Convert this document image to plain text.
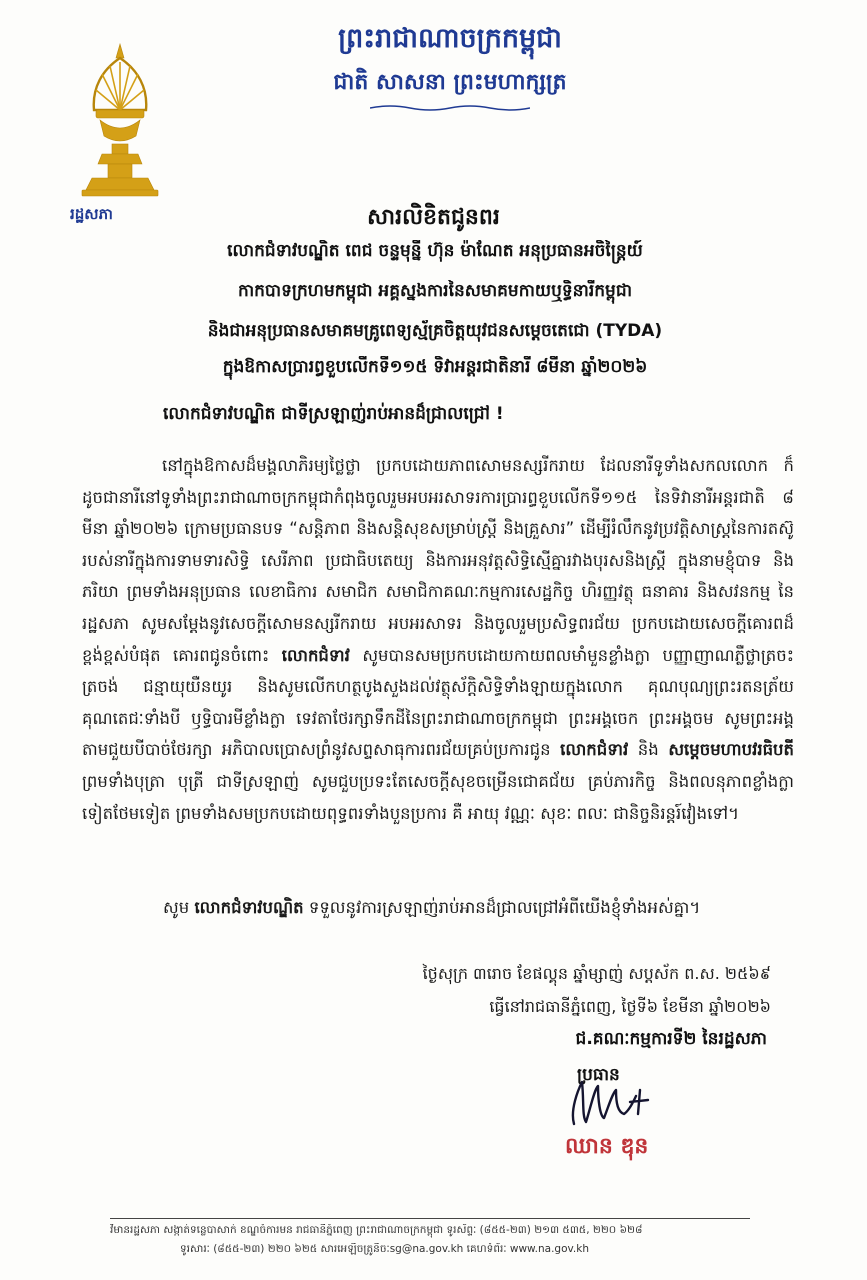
រដ្ឋសភា
ព្រះរាជាណាចក្រកម្ពុជា
ជាតិ សាសនា ព្រះមហាក្សត្រ
សារលិខិតជូនពរ
លោកជំទាវបណ្ឌិត ពេជ ចន្ទមុន្នី ហ៊ុន ម៉ាណែត អនុប្រធានអចិន្ត្រៃយ៍
កាកបាទក្រហមកម្ពុជា អគ្គស្នងការនៃសមាគមកាយឬទ្ធិនារីកម្ពុជា
និងជាអនុប្រធានសមាគមគ្រូពេទ្យស្ម័គ្រចិត្តយុវជនសម្តេចតេជោ (TYDA)
ក្នុងឱកាសប្រារព្ធខួបលើកទី១១៥ ទិវាអន្តរជាតិនារី ៨មីនា ឆ្នាំ២០២៦
លោកជំទាវបណ្ឌិត ជាទីស្រឡាញ់រាប់អានដ៏ជ្រាលជ្រៅ !
នៅក្នុងឱកាសដ៏មង្គលាភិរម្យថ្លៃថ្លា ប្រកបដោយភាពសោមនស្សរីករាយ ដែលនារីទូទាំងសកលលោក ក៏ដូចជានារីនៅទូទាំងព្រះរាជាណាចក្រកម្ពុជាកំពុងចូលរួមអបអរសាទរការប្រារព្ធខួបលើកទី១១៥ នៃទិវានារីអន្តរជាតិ ៨ មីនា ឆ្នាំ២០២៦ ក្រោមប្រធានបទ “សន្តិភាព និងសន្តិសុខសម្រាប់ស្ត្រី និងគ្រួសារ” ដើម្បីរំលឹកនូវប្រវត្តិសាស្ត្រនៃការតស៊ូរបស់នារីក្នុងការទាមទារសិទ្ធិ សេរីភាព ប្រជាធិបតេយ្យ និងការអនុវត្តសិទ្ធិស្មើគ្នារវាងបុរសនិងស្ត្រី ក្នុងនាមខ្ញុំបាទ និងភរិយា ព្រមទាំងអនុប្រធាន លេខាធិការ សមាជិក សមាជិកាគណៈកម្មការសេដ្ឋកិច្ច ហិរញ្ញវត្ថុ ធនាគារ និងសវនកម្ម នៃរដ្ឋសភា សូមសម្តែងនូវសេចក្តីសោមនស្សរីករាយ អបអរសាទរ និងចូលរួមប្រសិទ្ធពរជ័យ ប្រកបដោយសេចក្តីគោរពដ៏ខ្ពង់ខ្ពស់បំផុត គោរពជូនចំពោះ លោកជំទាវ សូមបានសមប្រកបដោយកាយពលមាំមួនខ្លាំងក្លា បញ្ញាញាណភ្លឺថ្លាត្រចះត្រចង់ ជន្មាយុយឺនយូរ និងសូមលើកហត្ថបូងសួងដល់វត្ថុស័ក្តិសិទ្ធិទាំងឡាយក្នុងលោក គុណបុណ្យព្រះរតនត្រ័យ គុណតេជៈទាំងបី ឫទ្ធិបារមីខ្លាំងក្លា ទេវតាថែរក្សាទឹកដីនៃព្រះរាជាណាចក្រកម្ពុជា ព្រះអង្គចេក ព្រះអង្គចម សូមព្រះអង្គតាមជួយបីបាច់ថែរក្សា អភិបាលប្រោសព្រំនូវសព្ទសាធុការពរជ័យគ្រប់ប្រការជូន លោកជំទាវ និង សម្តេចមហាបវរធិបតី ព្រមទាំងបុត្រា បុត្រី ជាទីស្រឡាញ់ សូមជួបប្រទះតែសេចក្តីសុខចម្រើនជោគជ័យ គ្រប់ភារកិច្ច និងពលនុភាពខ្លាំងក្លាទៀតថែមទៀត ព្រមទាំងសមប្រកបដោយពុទ្ធពរទាំងបួនប្រការ គឺ អាយុ វណ្ណៈ សុខៈ ពលៈ ជានិច្ចនិរន្តរ៍វៀងទៅ។
សូម លោកជំទាវបណ្ឌិត ទទួលនូវការស្រឡាញ់រាប់អានដ៏ជ្រាលជ្រៅអំពីយើងខ្ញុំទាំងអស់គ្នា។
ថ្ងៃសុក្រ ៣រោច ខែផល្គុន ឆ្នាំម្សាញ់ សប្តស័ក ព.ស. ២៥៦៩
ធ្វើនៅរាជធានីភ្នំពេញ, ថ្ងៃទី៦ ខែមីនា ឆ្នាំ២០២៦
ជ.គណៈកម្មការទី២ នៃរដ្ឋសភា
ប្រធាន
ឈាន ឌុន
វិមានរដ្ឋសភា សង្កាត់ទន្លេបាសាក់ ខណ្ឌចំការមន រាជធានីភ្នំពេញ ព្រះរាជាណាចក្រកម្ពុជា ទូរស័ព្ទៈ (៨៥៥-២៣) ២១៣ ៥៣៥, ២២០ ៦២៨
ទូរសារៈ (៨៥៥-២៣) ២២០ ៦២៥ សារអេឡិចត្រូនិចៈsg@na.gov.kh គេហទំព័រៈ www.na.gov.kh
